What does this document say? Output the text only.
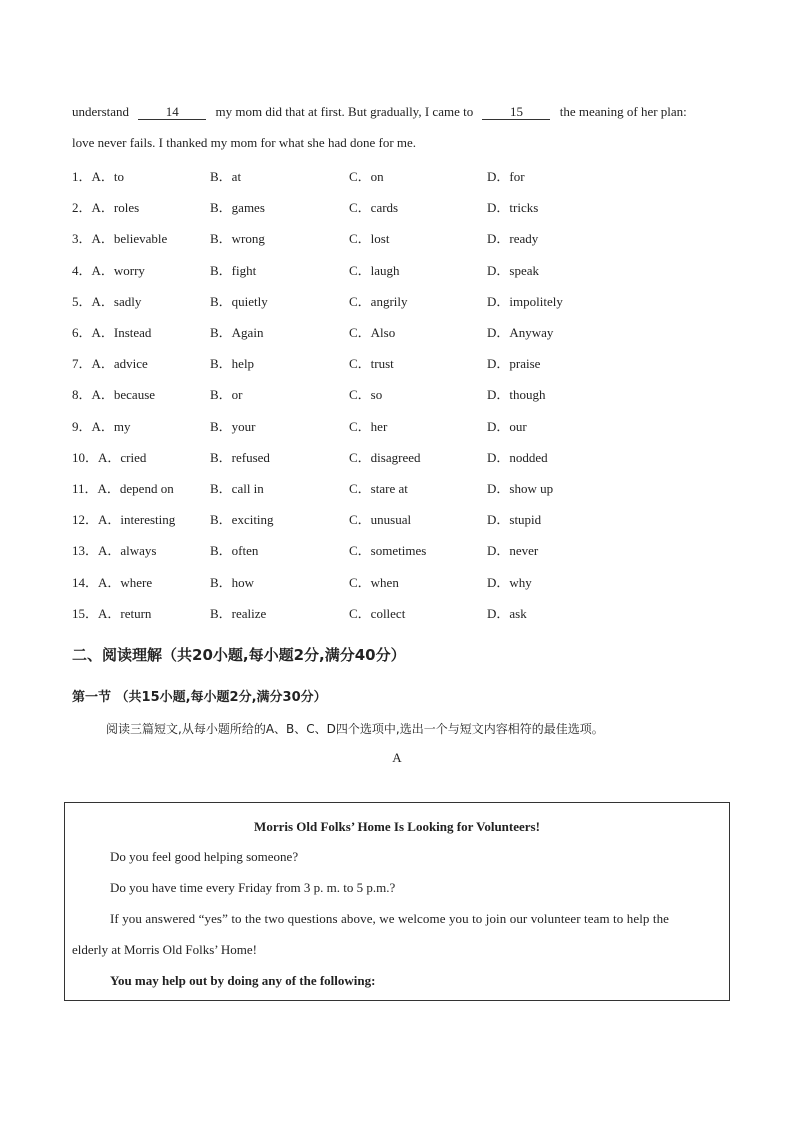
understand	14	my mom did that at first. But gradually, I came to	15	the meaning of her plan:
love never fails. I thanked my mom for what she had done for me.
1．A．to	B．at	C．on	D．for
2．A．roles	B．games	C．cards	D．tricks
3．A．believable	B．wrong	C．lost	D．ready
4．A．worry	B．fight	C．laugh	D．speak
5．A．sadly	B．quietly	C．angrily	D．impolitely
6．A．Instead	B．Again	C．Also	D．Anyway
7．A．advice	B．help	C．trust	D．praise
8．A．because	B．or	C．so	D．though
9．A．my	B．your	C．her	D．our
10．A．cried	B．refused	C．disagreed	D．nodded
11．A．depend on	B．call in	C．stare at	D．show up
12．A．interesting	B．exciting	C．unusual	D．stupid
13．A．always	B．often	C．sometimes	D．never
14．A．where	B．how	C．when	D．why
15．A．return	B．realize	C．collect	D．ask
二、阅读理解（共20小题,每小题2分,满分40分）
第一节 （共15小题,每小题2分,满分30分）
阅读三篇短文,从每小题所给的A、B、C、D四个选项中,选出一个与短文内容相符的最佳选项。
A
Morris Old Folks’ Home Is Looking for Volunteers!
Do you feel good helping someone?
Do you have time every Friday from 3 p. m. to 5 p.m.?
If you answered “yes” to the two questions above, we welcome you to join our volunteer team to help the
elderly at Morris Old Folks’ Home!
You may help out by doing any of the following:
